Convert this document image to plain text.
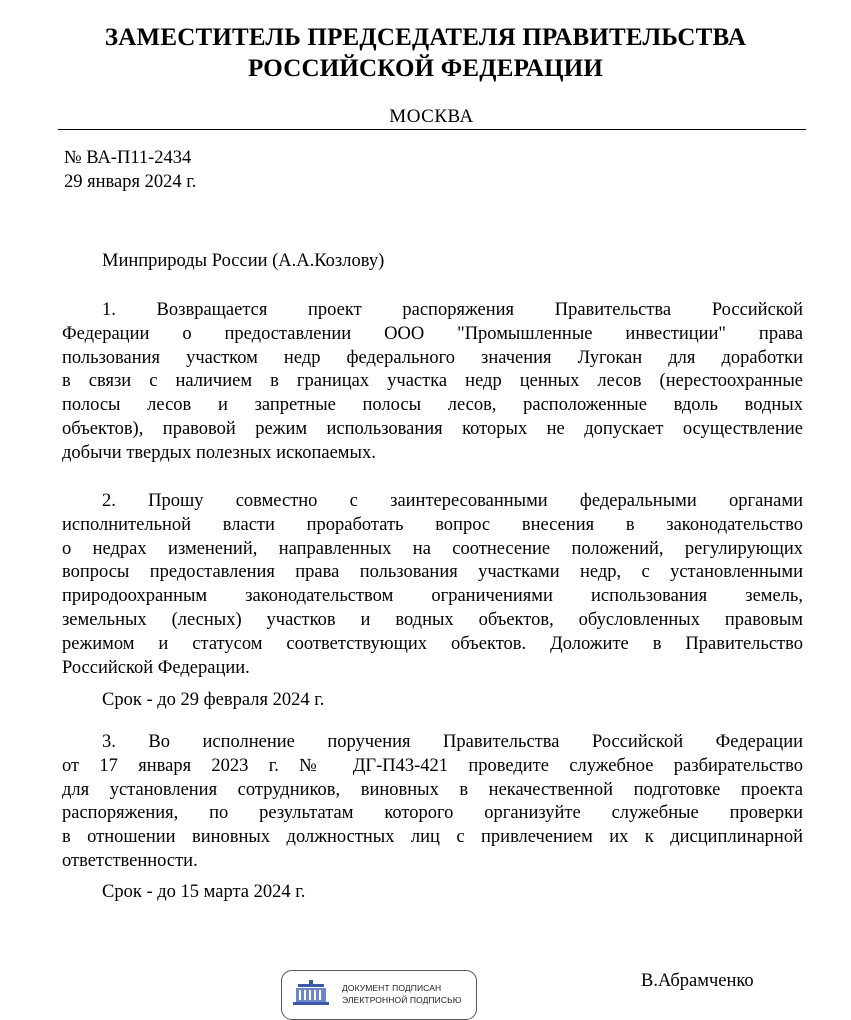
ЗАМЕСТИТЕЛЬ ПРЕДСЕДАТЕЛЯ ПРАВИТЕЛЬСТВА
РОССИЙСКОЙ ФЕДЕРАЦИИ
МОСКВА
№ ВА-П11-2434
29 января 2024 г.
Минприроды России (А.А.Козлову)
1. Возвращается проект распоряжения Правительства Российской
Федерации о предоставлении ООО "Промышленные инвестиции" права
пользования участком недр федерального значения Лугокан для доработки
в связи с наличием в границах участка недр ценных лесов (нерестоохранные
полосы лесов и запретные полосы лесов, расположенные вдоль водных
объектов), правовой режим использования которых не допускает осуществление
добычи твердых полезных ископаемых.
2. Прошу совместно с заинтересованными федеральными органами
исполнительной власти проработать вопрос внесения в законодательство
о недрах изменений, направленных на соотнесение положений, регулирующих
вопросы предоставления права пользования участками недр, с установленными
природоохранным законодательством ограничениями использования земель,
земельных (лесных) участков и водных объектов, обусловленных правовым
режимом и статусом соответствующих объектов. Доложите в Правительство
Российской Федерации.
Срок - до 29 февраля 2024 г.
3. Во исполнение поручения Правительства Российской Федерации
от 17 января 2023 г. № ДГ-П43-421 проведите служебное разбирательство
для установления сотрудников, виновных в некачественной подготовке проекта
распоряжения, по результатам которого организуйте служебные проверки
в отношении виновных должностных лиц с привлечением их к дисциплинарной
ответственности.
Срок - до 15 марта 2024 г.
ДОКУМЕНТ ПОДПИСАН
ЭЛЕКТРОННОЙ ПОДПИСЬЮ
В.Абрамченко
